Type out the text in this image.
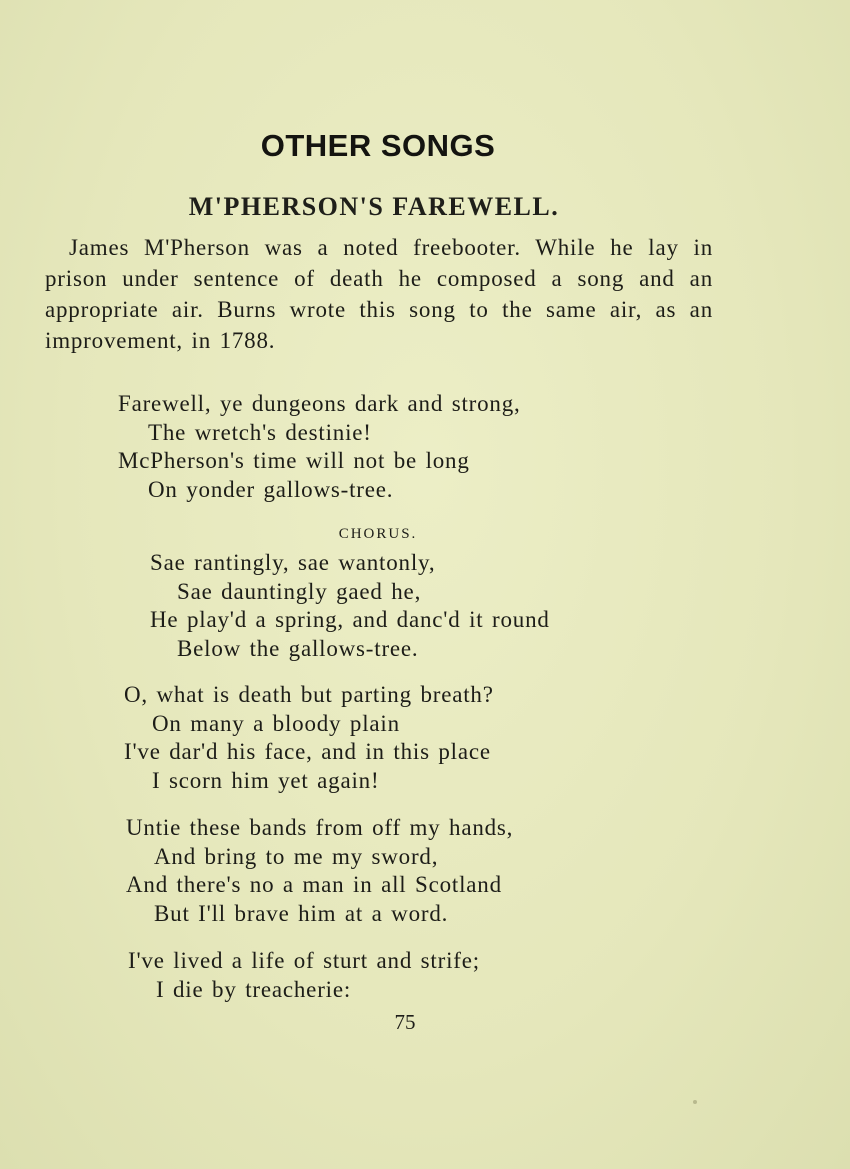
OTHER SONGS
M'PHERSON'S FAREWELL.

James M'Pherson was a noted freebooter. While he lay in prison under sentence of death he composed a song and an appropriate air. Burns wrote this song to the same air, as an improvement, in 1788.

Farewell, ye dungeons dark and strong,

The wretch's destinie!

McPherson's time will not be long

On yonder gallows-tree.

CHORUS.

Sae rantingly, sae wantonly,

Sae dauntingly gaed he,

He play'd a spring, and danc'd it round

Below the gallows-tree.

O, what is death but parting breath?

On many a bloody plain

I've dar'd his face, and in this place

I scorn him yet again!

Untie these bands from off my hands,

And bring to me my sword,

And there's no a man in all Scotland

But I'll brave him at a word.

I've lived a life of sturt and strife;

I die by treacherie:

75
